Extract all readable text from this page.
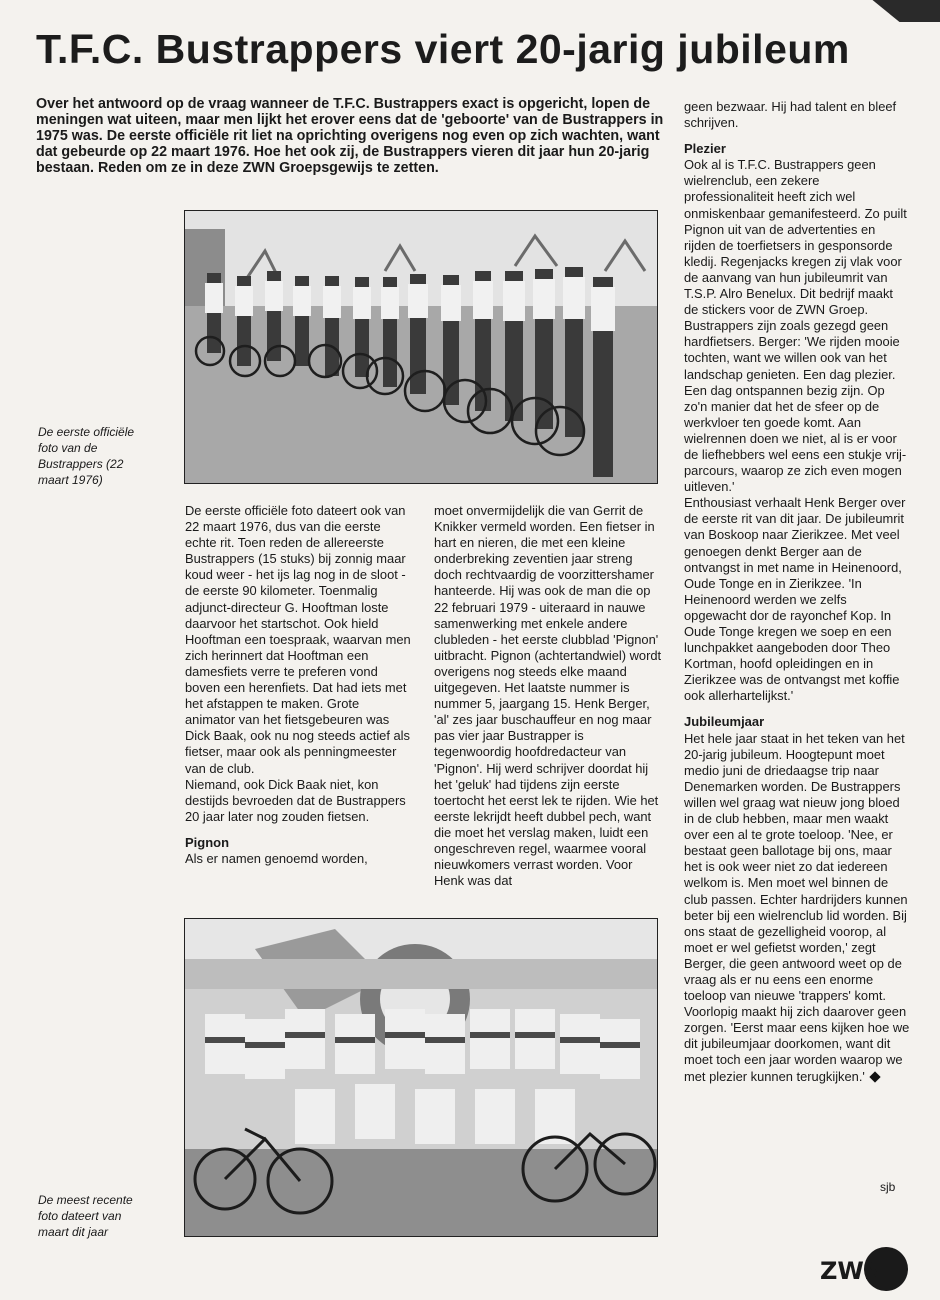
T.F.C. Bustrappers viert 20-jarig jubileum

Over het antwoord op de vraag wanneer de T.F.C. Bustrappers exact is opgericht, lopen de meningen wat uiteen, maar men lijkt het erover eens dat de 'geboorte' van de Bustrappers in 1975 was. De eerste officiële rit liet na oprichting overigens nog even op zich wachten, want dat gebeurde op 22 maart 1976. Hoe het ook zij, de Bustrappers vieren dit jaar hun 20-jarig bestaan. Reden om ze in deze ZWN Groepsgewijs te zetten.

De eerste officiële foto van de Bustrappers (22 maart 1976)

De eerste officiële foto dateert ook van 22 maart 1976, dus van die eerste echte rit. Toen reden de allereerste Bustrappers (15 stuks) bij zonnig maar koud weer - het ijs lag nog in de sloot - de eerste 90 kilometer. Toenmalig adjunct-directeur G. Hooftman loste daarvoor het startschot. Ook hield Hooftman een toespraak, waarvan men zich herinnert dat Hooftman een damesfiets verre te preferen vond boven een herenfiets. Dat had iets met het afstappen te maken. Grote animator van het fietsgebeuren was Dick Baak, ook nu nog steeds actief als fietser, maar ook als penningmeester van de club.

Niemand, ook Dick Baak niet, kon destijds bevroeden dat de Bustrappers 20 jaar later nog zouden fietsen.

Pignon

Als er namen genoemd worden,

moet onvermijdelijk die van Gerrit de Knikker vermeld worden. Een fietser in hart en nieren, die met een kleine onderbreking zeventien jaar streng doch rechtvaardig de voorzittershamer hanteerde. Hij was ook de man die op 22 februari 1979 - uiteraard in nauwe samenwerking met enkele andere clubleden - het eerste clubblad 'Pignon' uitbracht. Pignon (achtertandwiel) wordt overigens nog steeds elke maand uitgegeven. Het laatste nummer is nummer 5, jaargang 15. Henk Berger, 'al' zes jaar buschauffeur en nog maar pas vier jaar Bustrapper is tegenwoordig hoofdredacteur van 'Pignon'. Hij werd schrijver doordat hij het 'geluk' had tijdens zijn eerste toertocht het eerst lek te rijden. Wie het eerste lekrijdt heeft dubbel pech, want die moet het verslag maken, luidt een ongeschreven regel, waarmee vooral nieuwkomers verrast worden. Voor Henk was dat

De meest recente foto dateert van maart dit jaar

geen bezwaar. Hij had talent en bleef schrijven.

Plezier

Ook al is T.F.C. Bustrappers geen wielrenclub, een zekere professionaliteit heeft zich wel onmiskenbaar gemanifesteerd. Zo puilt Pignon uit van de advertenties en rijden de toerfietsers in gesponsorde kledij. Regenjacks kregen zij vlak voor de aanvang van hun jubileumrit van T.S.P. Alro Benelux. Dit bedrijf maakt de stickers voor de ZWN Groep.

Bustrappers zijn zoals gezegd geen hardfietsers. Berger: 'We rijden mooie tochten, want we willen ook van het landschap genieten. Een dag plezier. Een dag ontspannen bezig zijn. Op zo'n manier dat het de sfeer op de werkvloer ten goede komt. Aan wielrennen doen we niet, al is er voor de liefhebbers wel eens een stukje vrij-parcours, waarop ze zich even mogen uitleven.'

Enthousiast verhaalt Henk Berger over de eerste rit van dit jaar. De jubileumrit van Boskoop naar Zierikzee. Met veel genoegen denkt Berger aan de ontvangst in met name in Heinenoord, Oude Tonge en in Zierikzee. 'In Heinenoord werden we zelfs opgewacht dor de rayonchef Kop. In Oude Tonge kregen we soep en een lunchpakket aangeboden door Theo Kortman, hoofd opleidingen en in Zierikzee was de ontvangst met koffie ook allerhartelijkst.'

Jubileumjaar

Het hele jaar staat in het teken van het 20-jarig jubileum. Hoogtepunt moet medio juni de driedaagse trip naar Denemarken worden. De Bustrappers willen wel graag wat nieuw jong bloed in de club hebben, maar men waakt over een al te grote toeloop. 'Nee, er bestaat geen ballotage bij ons, maar het is ook weer niet zo dat iedereen welkom is. Men moet wel binnen de club passen. Echter hardrijders kunnen beter bij een wielrenclub lid worden. Bij ons staat de gezelligheid voorop, al moet er wel gefietst worden,' zegt Berger, die geen antwoord weet op de vraag als er nu eens een enorme toeloop van nieuwe 'trappers' komt. Voorlopig maakt hij zich daarover geen zorgen. 'Eerst maar eens kijken hoe we dit jubileumjaar doorkomen, want dit moet toch een jaar worden waarop we met plezier kunnen terugkijken.'

sjb
ZWN
